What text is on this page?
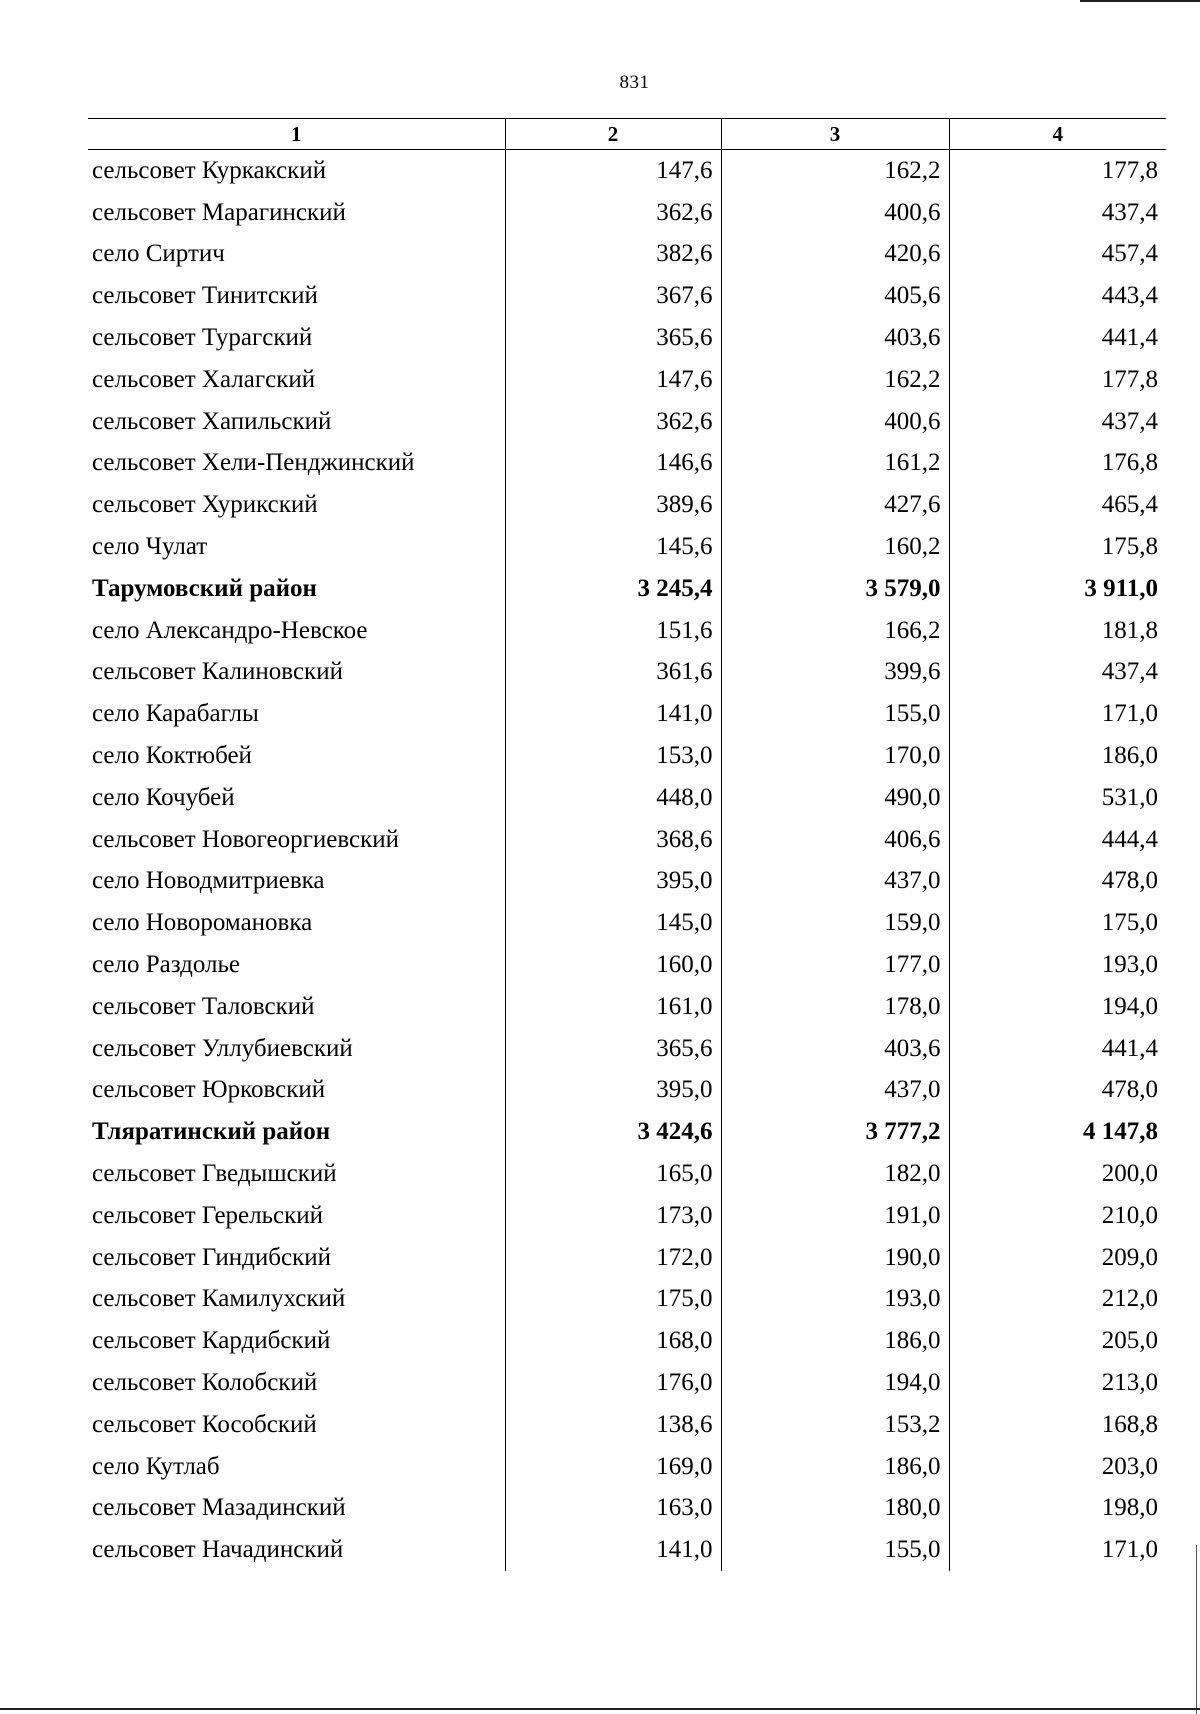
831
1	2	3	4
сельсовет Куркакский	147,6	162,2	177,8
сельсовет Марагинский	362,6	400,6	437,4
село Сиртич	382,6	420,6	457,4
сельсовет Тинитский	367,6	405,6	443,4
сельсовет Турагский	365,6	403,6	441,4
сельсовет Халагский	147,6	162,2	177,8
сельсовет Хапильский	362,6	400,6	437,4
сельсовет Хели-Пенджинский	146,6	161,2	176,8
сельсовет Хурикский	389,6	427,6	465,4
село Чулат	145,6	160,2	175,8
Тарумовский район	3 245,4	3 579,0	3 911,0
село Александро-Невское	151,6	166,2	181,8
сельсовет Калиновский	361,6	399,6	437,4
село Карабаглы	141,0	155,0	171,0
село Коктюбей	153,0	170,0	186,0
село Кочубей	448,0	490,0	531,0
сельсовет Новогеоргиевский	368,6	406,6	444,4
село Новодмитриевка	395,0	437,0	478,0
село Новоромановка	145,0	159,0	175,0
село Раздолье	160,0	177,0	193,0
сельсовет Таловский	161,0	178,0	194,0
сельсовет Уллубиевский	365,6	403,6	441,4
сельсовет Юрковский	395,0	437,0	478,0
Тляратинский район	3 424,6	3 777,2	4 147,8
сельсовет Гведышский	165,0	182,0	200,0
сельсовет Герельский	173,0	191,0	210,0
сельсовет Гиндибский	172,0	190,0	209,0
сельсовет Камилухский	175,0	193,0	212,0
сельсовет Кардибский	168,0	186,0	205,0
сельсовет Колобский	176,0	194,0	213,0
сельсовет Кособский	138,6	153,2	168,8
село Кутлаб	169,0	186,0	203,0
сельсовет Мазадинский	163,0	180,0	198,0
сельсовет Начадинский	141,0	155,0	171,0
